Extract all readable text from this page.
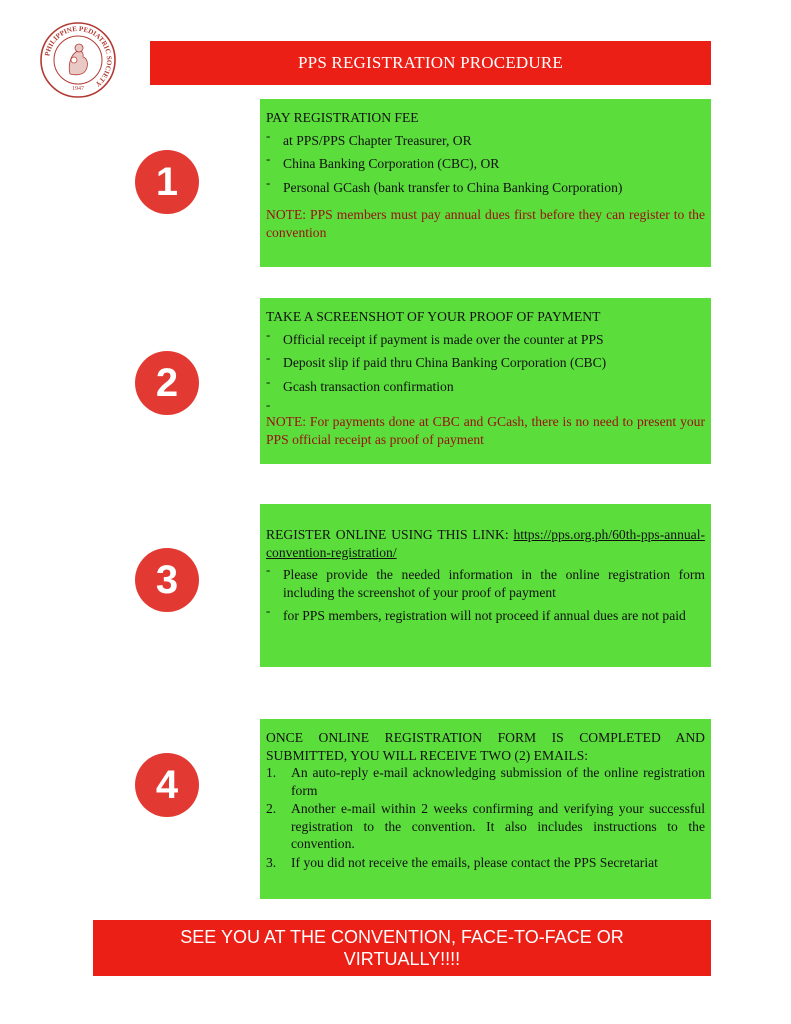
PHILIPPINE PEDIATRIC SOCIETY
1947
PPS REGISTRATION PROCEDURE
1

PAY REGISTRATION FEE

- at PPS/PPS Chapter Treasurer, OR
- China Banking Corporation (CBC), OR
- Personal GCash (bank transfer to China Banking Corporation)

NOTE: PPS members must pay annual dues first before they can register to the convention

2

TAKE A SCREENSHOT OF YOUR PROOF OF PAYMENT

- Official receipt if payment is made over the counter at PPS
- Deposit slip if paid thru China Banking Corporation (CBC)
- Gcash transaction confirmation
-

NOTE: For payments done at CBC and GCash, there is no need to present your PPS official receipt as proof of payment

3

REGISTER ONLINE USING THIS LINK: https://pps.org.ph/60th-pps-annual-convention-registration/

- Please provide the needed information in the online registration form including the screenshot of your proof of payment
- for PPS members, registration will not proceed if annual dues are not paid
4

ONCE ONLINE REGISTRATION FORM IS COMPLETED AND SUBMITTED, YOU WILL RECEIVE TWO (2) EMAILS:

1. An auto-reply e-mail acknowledging submission of the online registration form
2. Another e-mail within 2 weeks confirming and verifying your successful registration to the convention. It also includes instructions to the convention.
3. If you did not receive the emails, please contact the PPS Secretariat
SEE YOU AT THE CONVENTION, FACE-TO-FACE OR
VIRTUALLY!!!!
